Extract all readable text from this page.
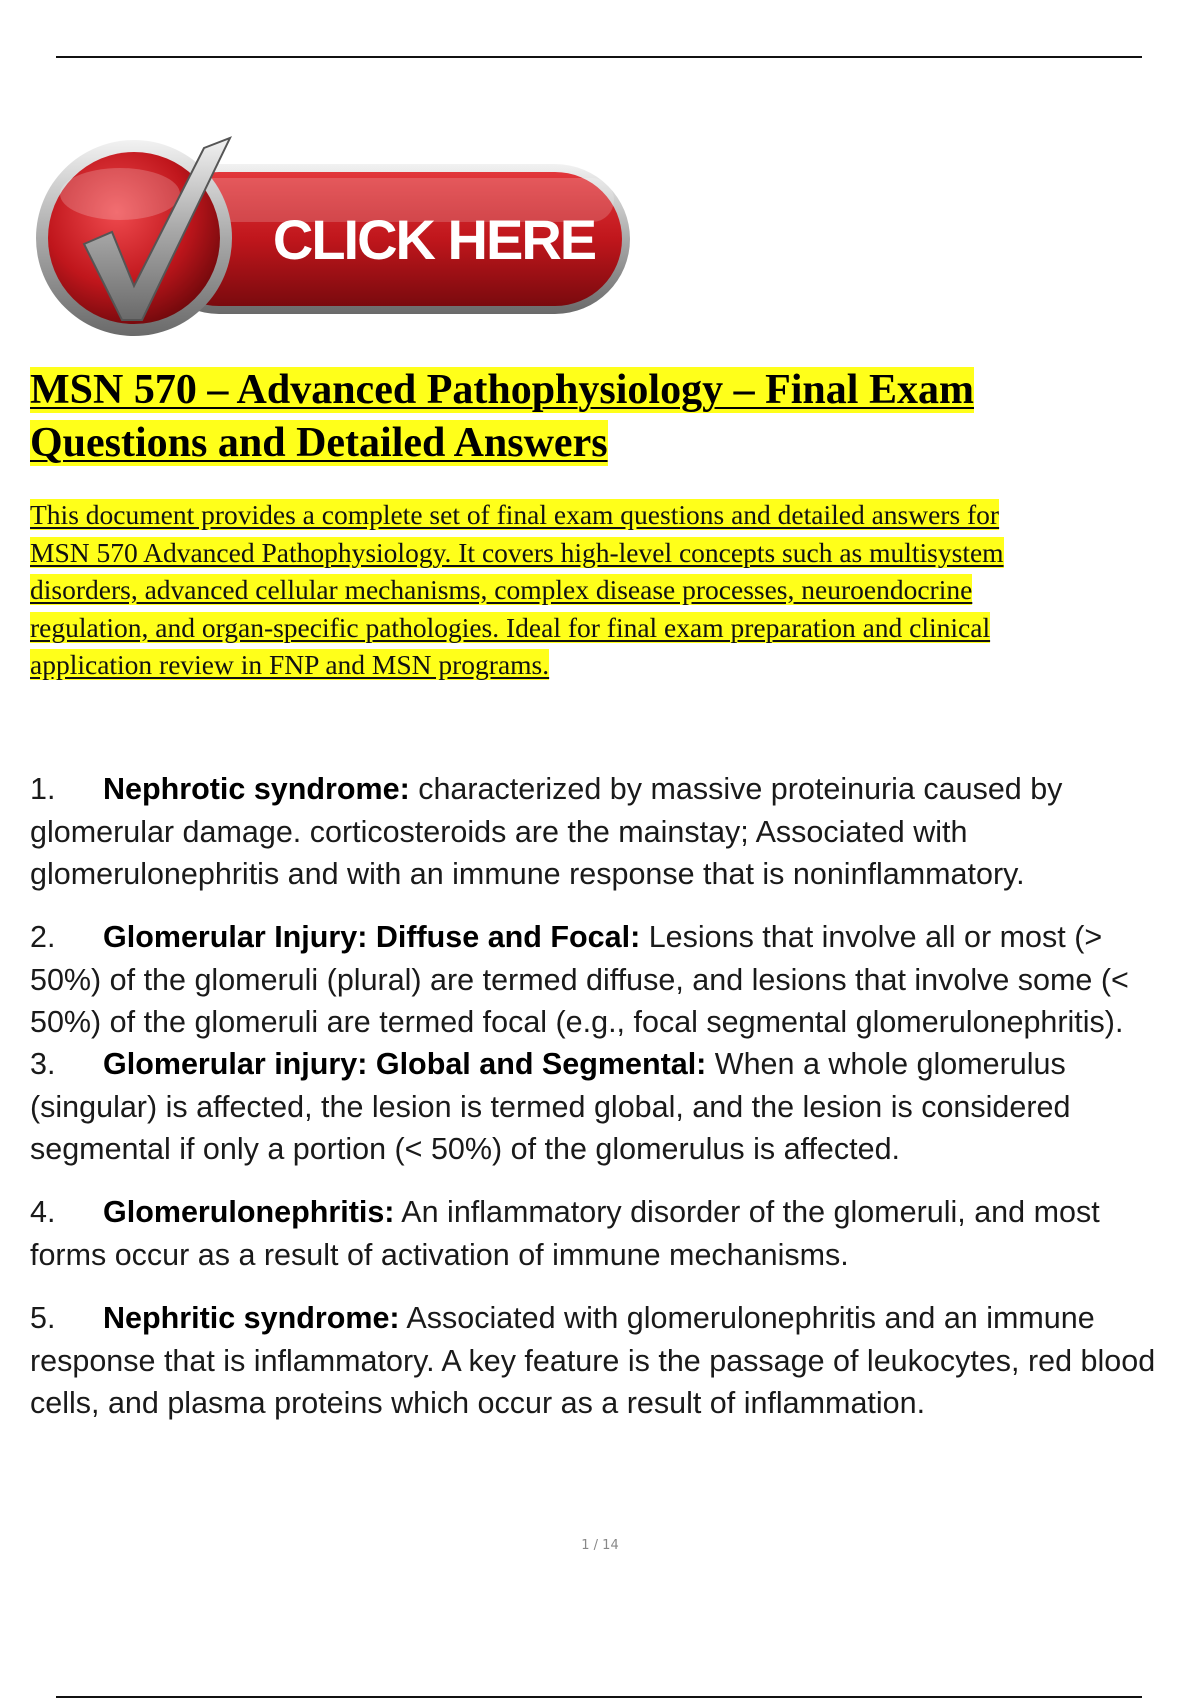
CLICK HERE
MSN 570 – Advanced Pathophysiology – Final Exam
Questions and Detailed Answers

This document provides a complete set of final exam questions and detailed answers for
MSN 570 Advanced Pathophysiology. It covers high-level concepts such as multisystem
disorders, advanced cellular mechanisms, complex disease processes, neuroendocrine
regulation, and organ-specific pathologies. Ideal for final exam preparation and clinical
application review in FNP and MSN programs.

1. Nephrotic syndrome: characterized by massive proteinuria caused by
glomerular damage. corticosteroids are the mainstay; Associated with
glomerulonephritis and with an immune response that is noninflammatory.
2. Glomerular Injury: Diffuse and Focal: Lesions that involve all or most (>
50%) of the glomeruli (plural) are termed diffuse, and lesions that involve some (<
50%) of the glomeruli are termed focal (e.g., focal segmental glomerulonephritis).
3. Glomerular injury: Global and Segmental: When a whole glomerulus
(singular) is affected, the lesion is termed global, and the lesion is considered
segmental if only a portion (< 50%) of the glomerulus is affected.
4. Glomerulonephritis: An inflammatory disorder of the glomeruli, and most
forms occur as a result of activation of immune mechanisms.
5. Nephritic syndrome: Associated with glomerulonephritis and an immune
response that is inflammatory. A key feature is the passage of leukocytes, red blood
cells, and plasma proteins which occur as a result of inflammation.
1 / 14
